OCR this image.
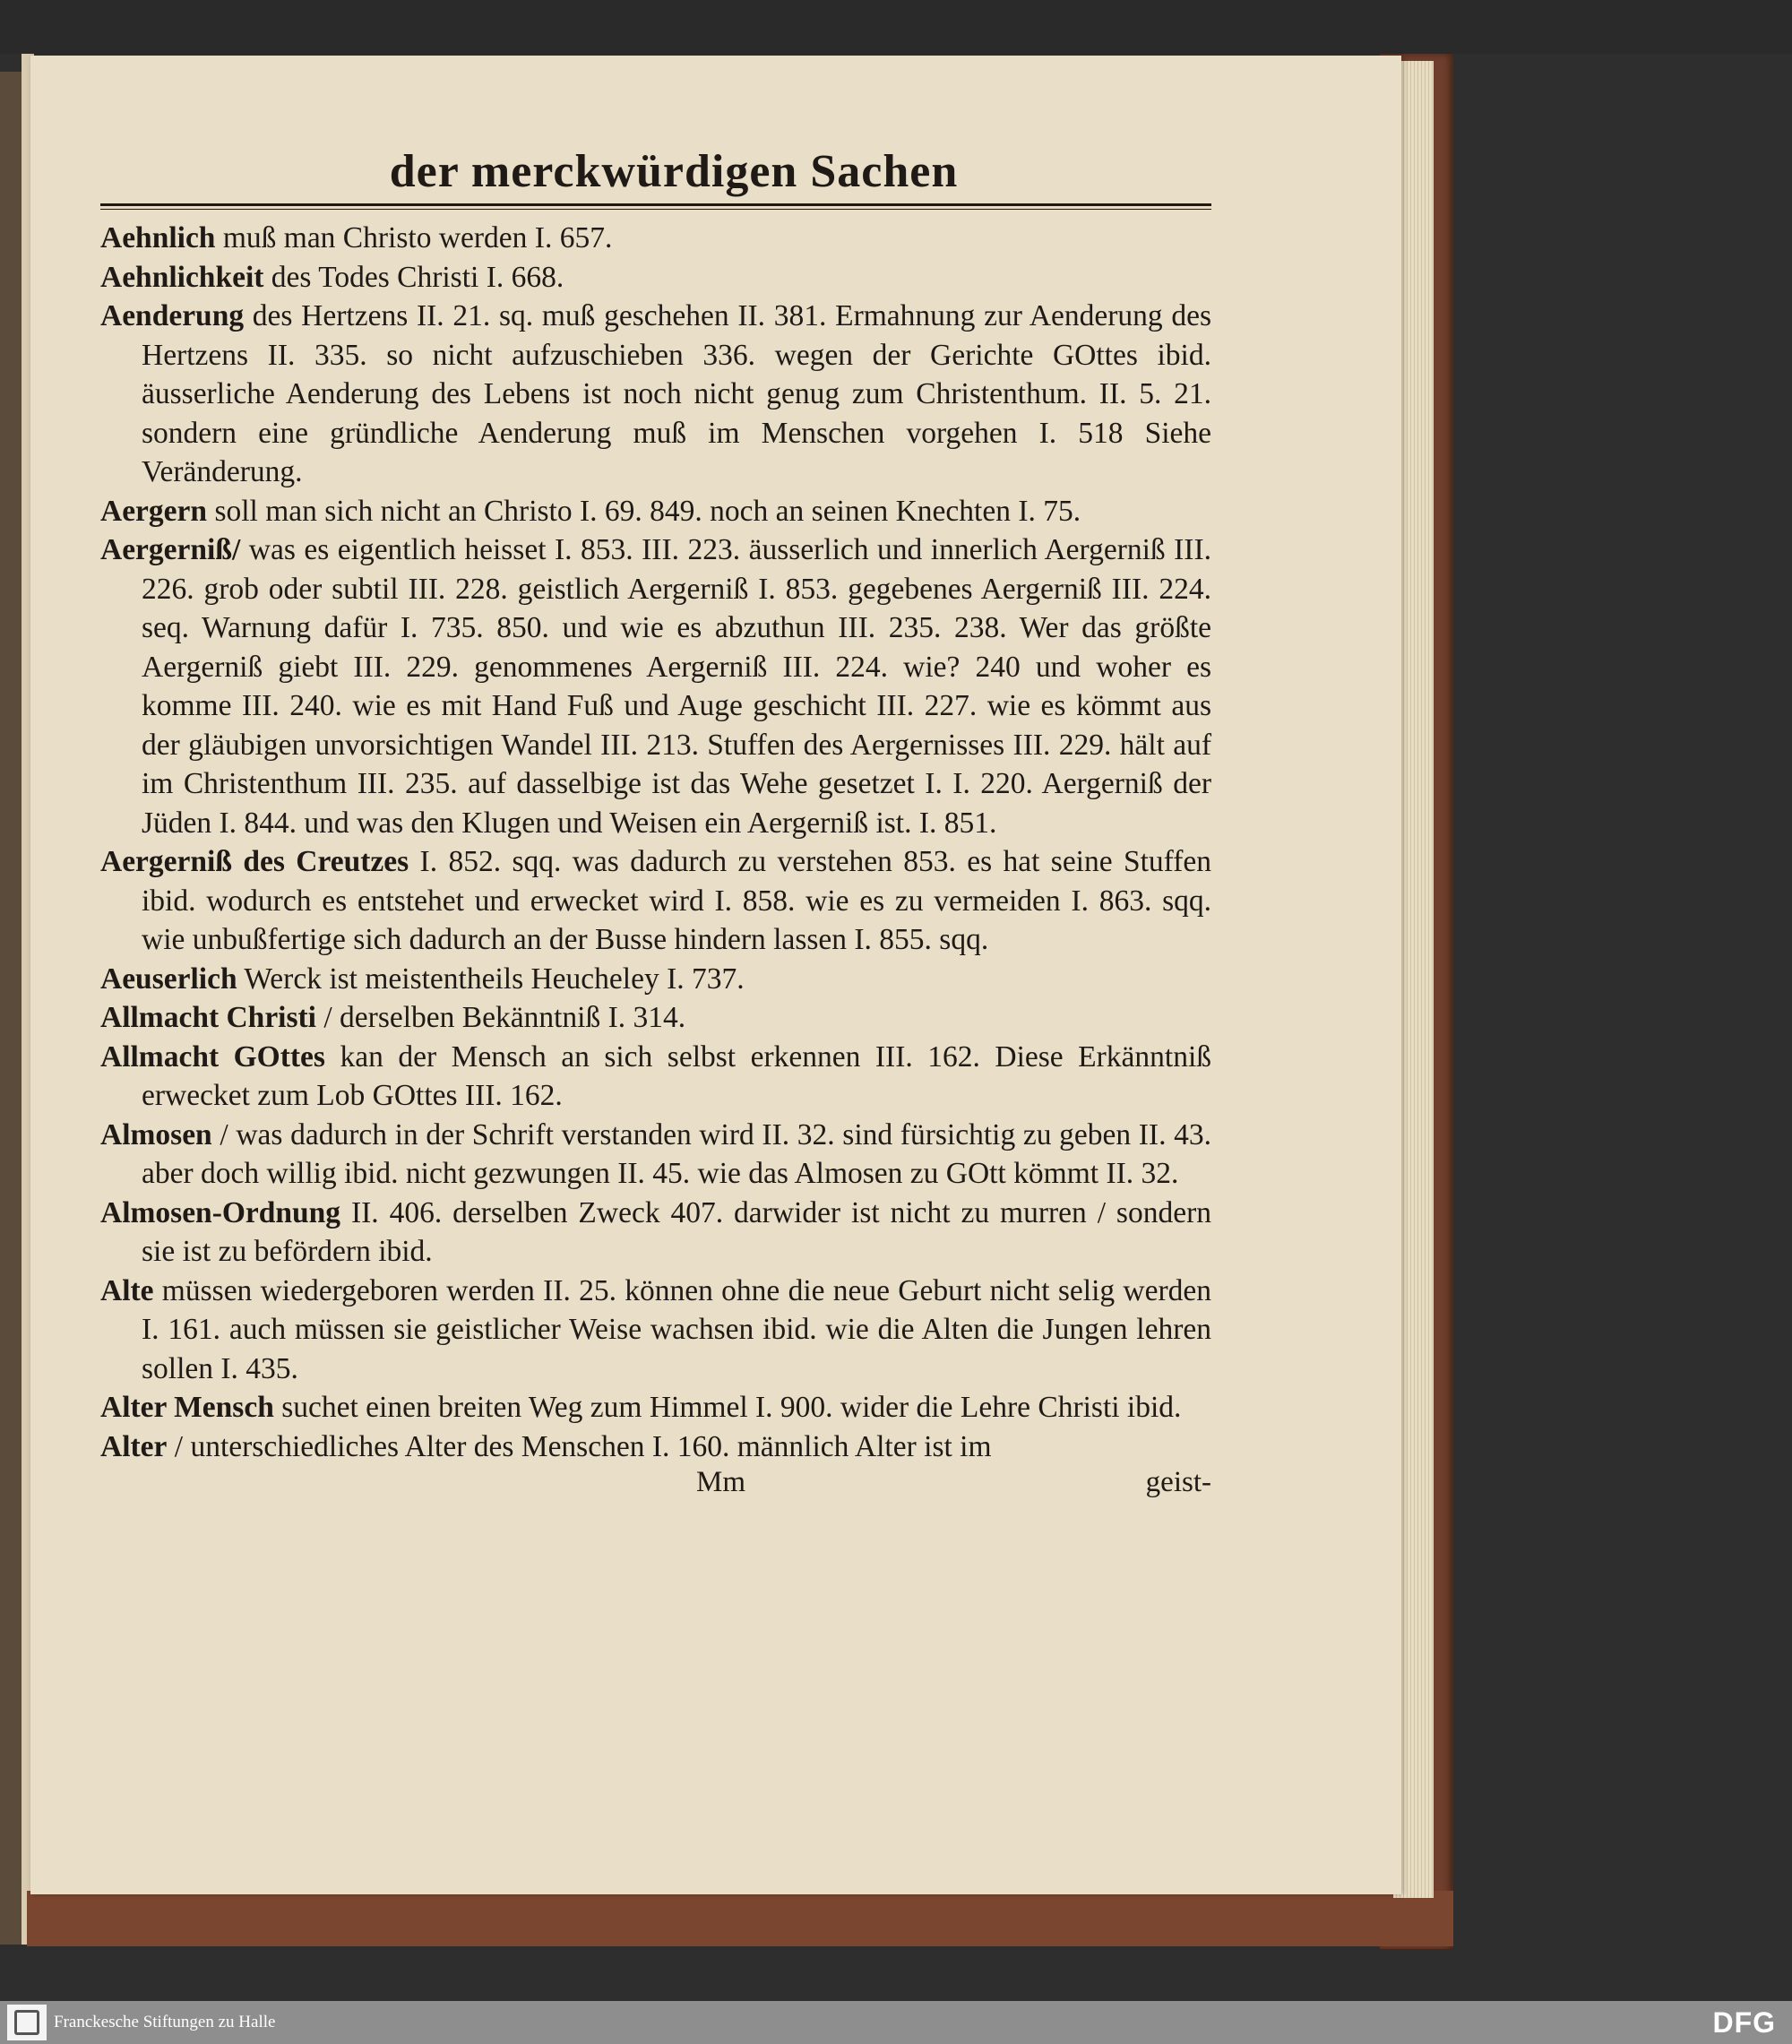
der merckwürdigen Sachen

Aehnlich muß man Christo werden I. 657.

Aehnlichkeit des Todes Christi I. 668.

Aenderung des Hertzens II. 21. sq. muß geschehen II. 381. Ermahnung zur Aenderung des Hertzens II. 335. so nicht aufzuschieben 336. wegen der Gerichte GOttes ibid. äusserliche Aenderung des Lebens ist noch nicht genug zum Christenthum. II. 5. 21. sondern eine gründliche Aenderung muß im Menschen vorgehen I. 518 Siehe Veränderung.

Aergern soll man sich nicht an Christo I. 69. 849. noch an seinen Knechten I. 75.

Aergerniß/ was es eigentlich heisset I. 853. III. 223. äusserlich und innerlich Aergerniß III. 226. grob oder subtil III. 228. geistlich Aergerniß I. 853. gegebenes Aergerniß III. 224. seq. Warnung dafür I. 735. 850. und wie es abzuthun III. 235. 238. Wer das größte Aergerniß giebt III. 229. genommenes Aergerniß III. 224. wie? 240 und woher es komme III. 240. wie es mit Hand Fuß und Auge geschicht III. 227. wie es kömmt aus der gläubigen unvorsichtigen Wandel III. 213. Stuffen des Aergernisses III. 229. hält auf im Christenthum III. 235. auf dasselbige ist das Wehe gesetzet I. I. 220. Aergerniß der Jüden I. 844. und was den Klugen und Weisen ein Aergerniß ist. I. 851.

Aergerniß des Creutzes I. 852. sqq. was dadurch zu verstehen 853. es hat seine Stuffen ibid. wodurch es entstehet und erwecket wird I. 858. wie es zu vermeiden I. 863. sqq. wie unbußfertige sich dadurch an der Busse hindern lassen I. 855. sqq.

Aeuserlich Werck ist meistentheils Heucheley I. 737.

Allmacht Christi / derselben Bekänntniß I. 314.

Allmacht GOttes kan der Mensch an sich selbst erkennen III. 162. Diese Erkänntniß erwecket zum Lob GOttes III. 162.

Almosen / was dadurch in der Schrift verstanden wird II. 32. sind fürsichtig zu geben II. 43. aber doch willig ibid. nicht gezwungen II. 45. wie das Almosen zu GOtt kömmt II. 32.

Almosen-Ordnung II. 406. derselben Zweck 407. darwider ist nicht zu murren / sondern sie ist zu befördern ibid.

Alte müssen wiedergeboren werden II. 25. können ohne die neue Geburt nicht selig werden I. 161. auch müssen sie geistlicher Weise wachsen ibid. wie die Alten die Jungen lehren sollen I. 435.

Alter Mensch suchet einen breiten Weg zum Himmel I. 900. wider die Lehre Christi ibid.

Alter / unterschiedliches Alter des Menschen I. 160. männlich Alter ist im

Mm	geist-
Franckesche Stiftungen zu Halle	DFG
